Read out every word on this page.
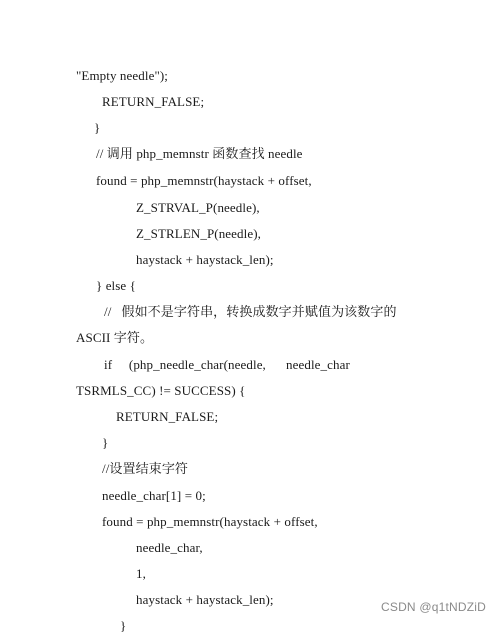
"Empty needle");
RETURN_FALSE;
}
// 调用 php_memnstr 函数查找 needle
found = php_memnstr(haystack + offset,
Z_STRVAL_P(needle),
Z_STRLEN_P(needle),
haystack + haystack_len);
} else {
//   假如不是字符串，转换成数字并赋值为该数字的
ASCII 字符。
if     (php_needle_char(needle,      needle_char
TSRMLS_CC) != SUCCESS) {
RETURN_FALSE;
}
//设置结束字符
needle_char[1] = 0;
found = php_memnstr(haystack + offset,
needle_char,
1,
haystack + haystack_len);
}
CSDN @q1tNDZiD
